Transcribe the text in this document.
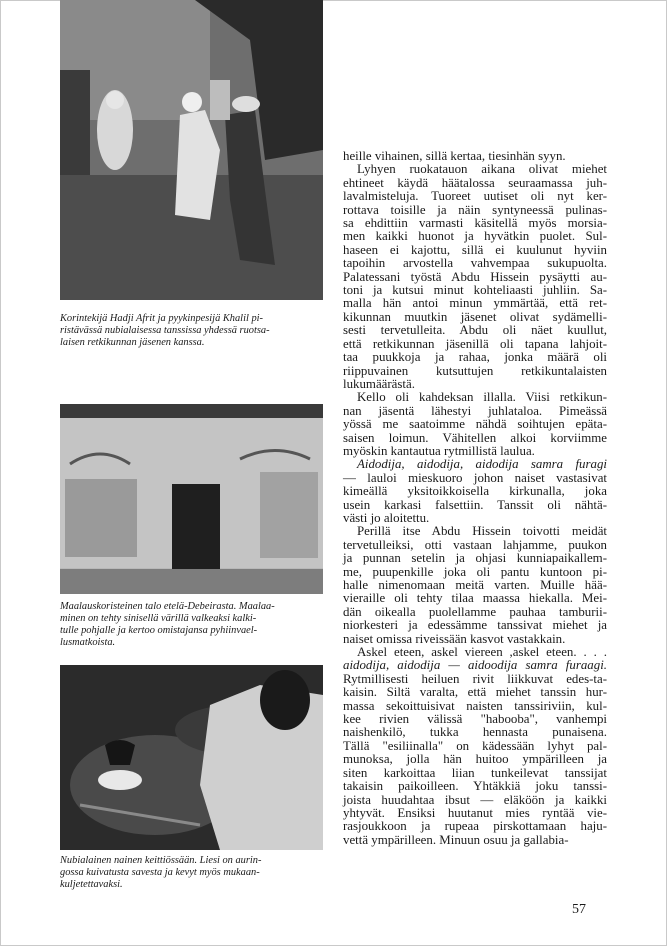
Korintekijä Hadji Afrit ja pyykinpesijä Khalil pi-
ristävässä nubialaisessa tanssissa yhdessä ruotsa-
laisen retkikunnan jäsenen kanssa.

Maalauskoristeinen talo etelä-Debeirasta. Maalaa-
minen on tehty sinisellä värillä valkeaksi kalki-
tulle pohjalle ja kertoo omistajansa pyhiinvael-
lusmatkoista.

Nubialainen nainen keittiössään. Liesi on aurin-
gossa kuivatusta savesta ja kevyt myös mukaan-
kuljetettavaksi.

heille vihainen, sillä kertaa, tiesinhän syyn.
Lyhyen ruokatauon aikana olivat miehet
ehtineet käydä häätalossa seuraamassa juh-
lavalmisteluja. Tuoreet uutiset oli nyt ker-
rottava toisille ja näin syntyneessä pulinas-
sa ehdittiin varmasti käsitellä myös morsia-
men kaikki huonot ja hyvätkin puolet. Sul-
haseen ei kajottu, sillä ei kuulunut hyviin
tapoihin arvostella vahvempaa sukupuolta.
Palatessani työstä Abdu Hissein pysäytti au-
toni ja kutsui minut kohteliaasti juhliin. Sa-
malla hän antoi minun ymmärtää, että ret-
kikunnan muutkin jäsenet olivat sydämelli-
sesti tervetulleita. Abdu oli näet kuullut,
että retkikunnan jäsenillä oli tapana lahjoit-
taa puukkoja ja rahaa, jonka määrä oli
riippuvainen kutsuttujen retkikuntalaisten
lukumäärästä.
Kello oli kahdeksan illalla. Viisi retkikun-
nan jäsentä lähestyi juhlataloa. Pimeässä
yössä me saatoimme nähdä soihtujen epäta-
saisen loimun. Vähitellen alkoi korviimme
myöskin kantautua rytmillistä laulua.
Aidodija, aidodija, aidodija samra furagi
— lauloi mieskuoro johon naiset vastasivat
kimeällä yksitoikkoisella kirkunalla, joka
usein karkasi falsettiin. Tanssit oli nähtä-
västi jo aloitettu.
Perillä itse Abdu Hissein toivotti meidät
tervetulleiksi, otti vastaan lahjamme, puukon
ja punnan setelin ja ohjasi kunniapaikallem-
me, puupenkille joka oli pantu kuntoon pi-
halle nimenomaan meitä varten. Muille hää-
vieraille oli tehty tilaa maassa hiekalla. Mei-
dän oikealla puolellamme pauhaa tamburii-
niorkesteri ja edessämme tanssivat miehet ja
naiset omissa riveissään kasvot vastakkain.
Askel eteen, askel viereen ,askel eteen. . . .
aidodija, aidodija — aidoodija samra furaagi.
Rytmillisesti heiluen rivit liikkuvat edes-ta-
kaisin. Siltä varalta, että miehet tanssin hur-
massa sekoittuisivat naisten tanssiriviin, kul-
kee rivien välissä "habooba", vanhempi
naishenkilö, tukka hennasta punaisena.
Tällä "esiliinalla" on kädessään lyhyt pal-
munoksa, jolla hän huitoo ympärilleen ja
siten karkoittaa liian tunkeilevat tanssijat
takaisin paikoilleen. Yhtäkkiä joku tanssi-
joista huudahtaa ibsut — eläköön ja kaikki
yhtyvät. Ensiksi huutanut mies ryntää vie-
rasjoukkoon ja rupeaa pirskottamaan haju-
vettä ympärilleen. Minuun osuu ja gallabia-
57
